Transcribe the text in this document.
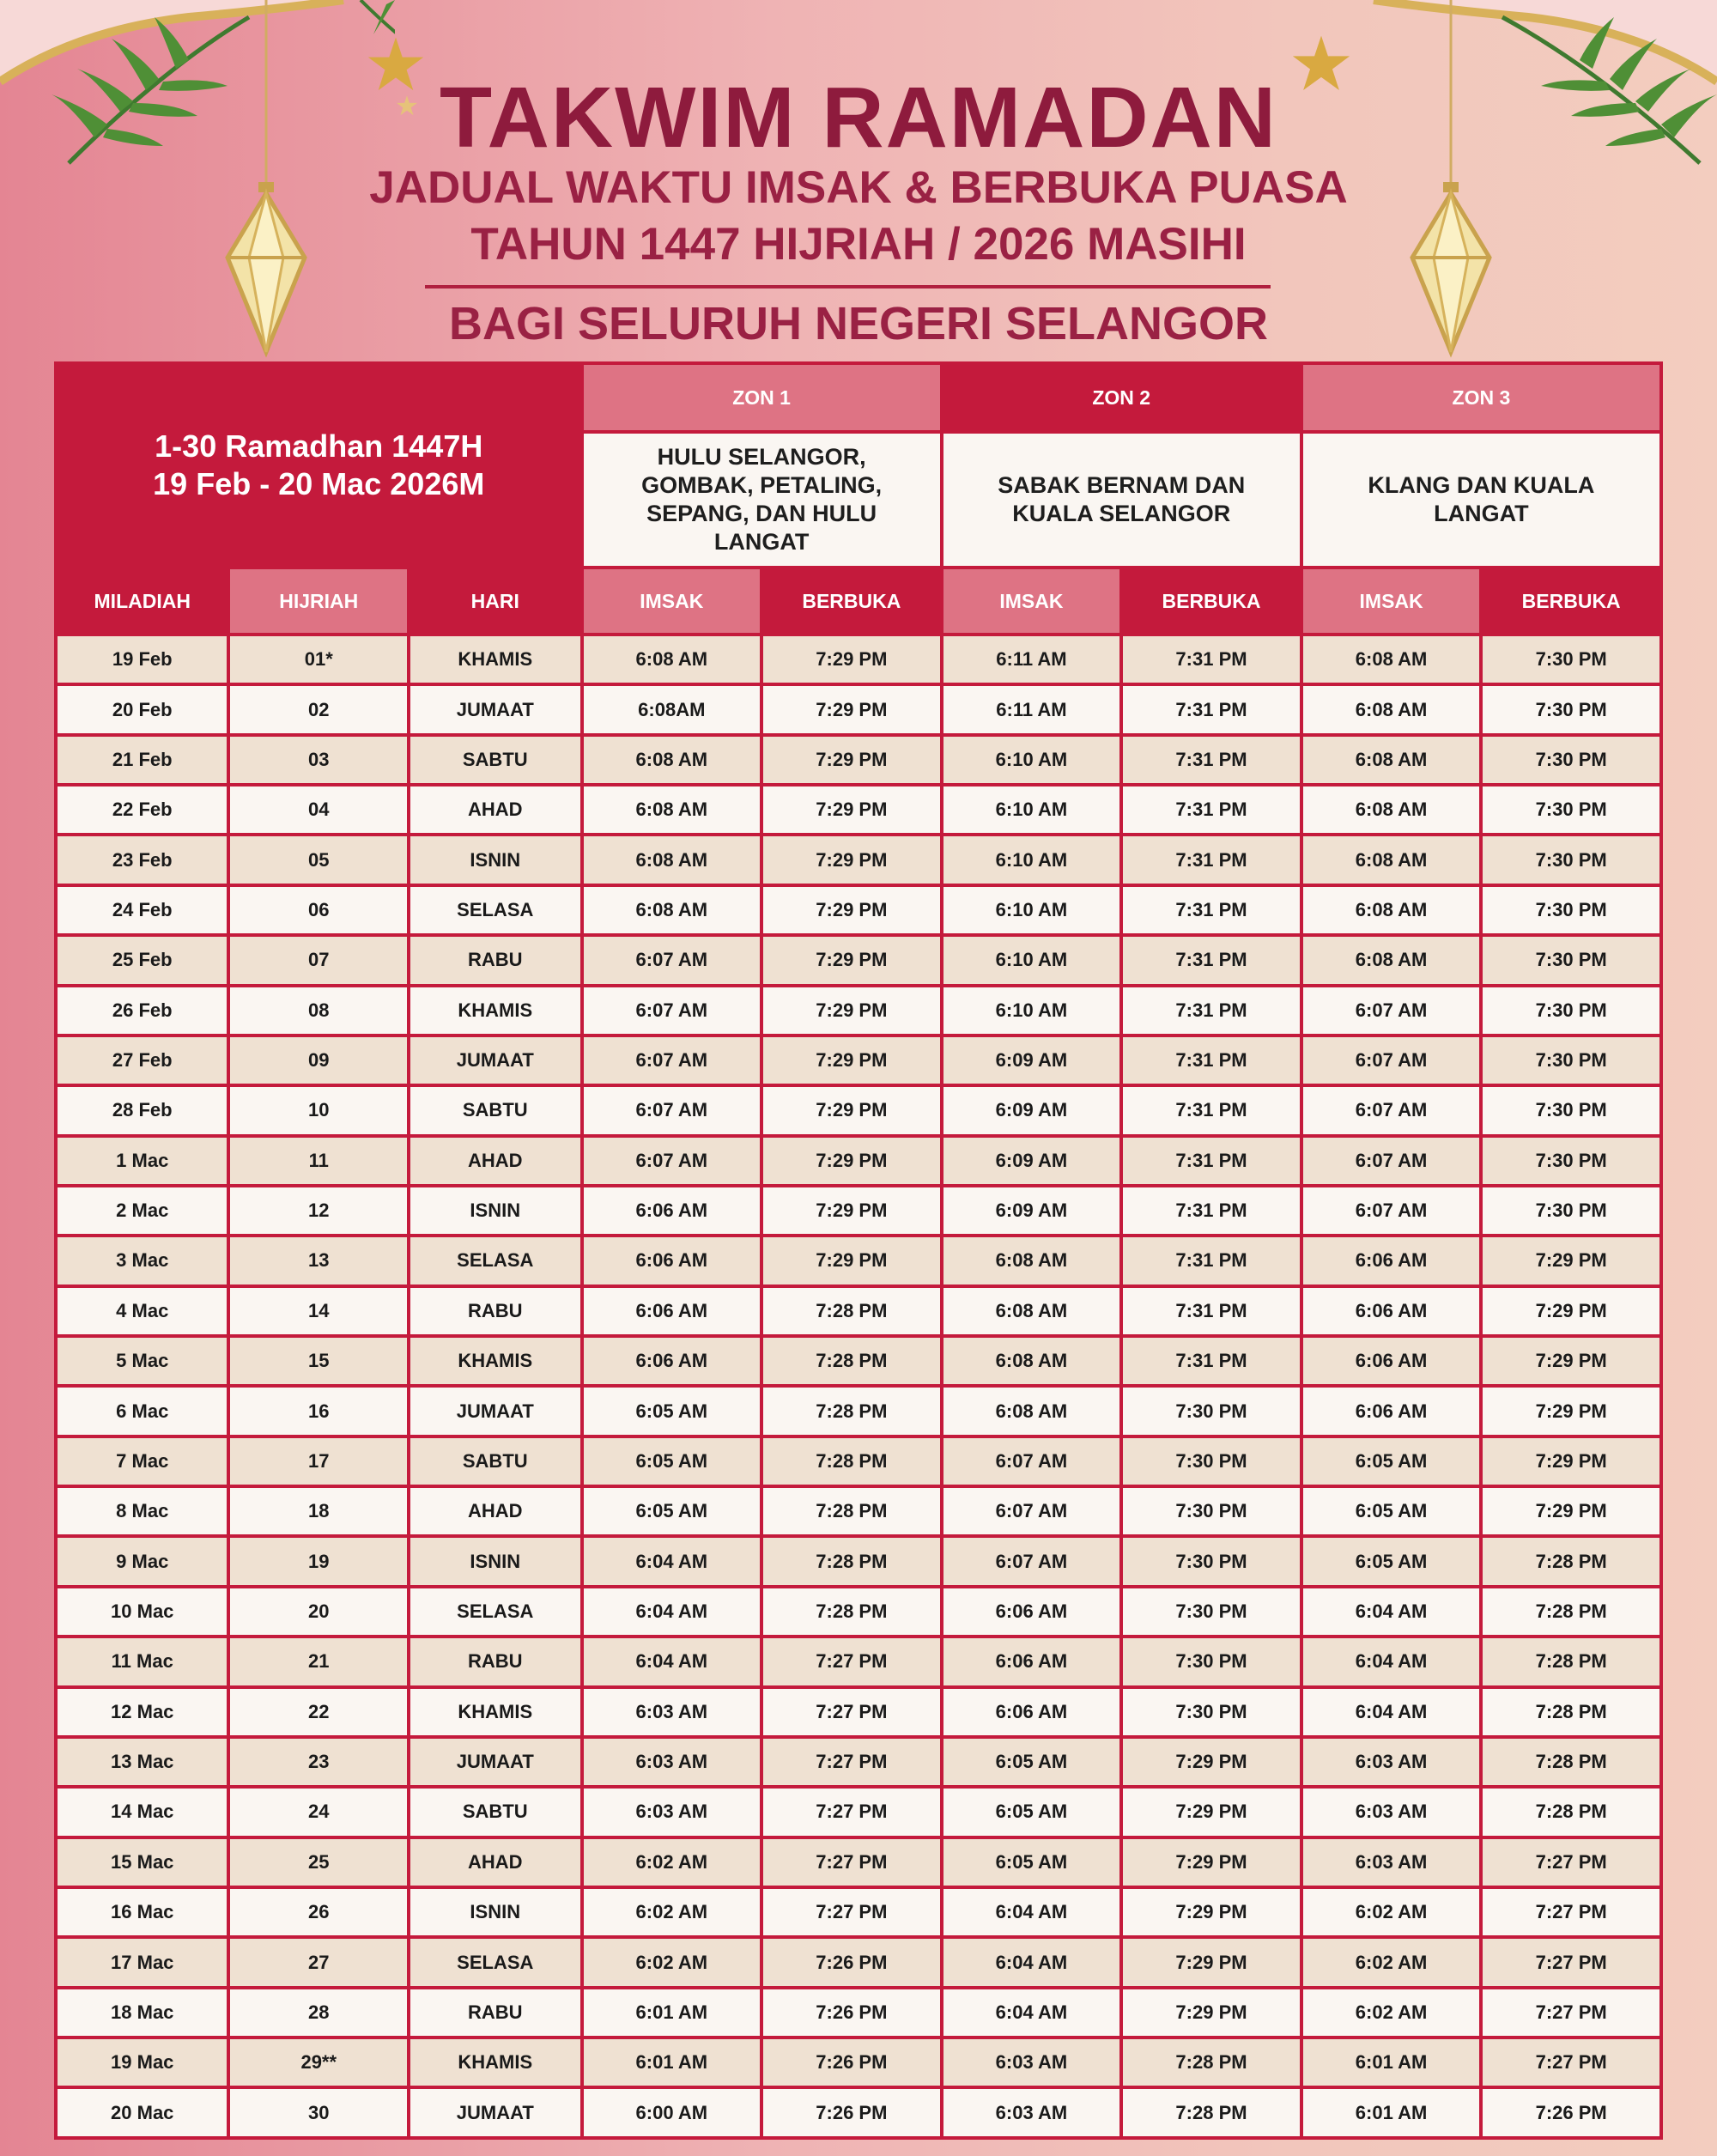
TAKWIM RAMADAN
JADUAL WAKTU IMSAK & BERBUKA PUASA
TAHUN 1447 HIJRIAH / 2026 MASIHI
BAGI SELURUH NEGERI SELANGOR
1-30 Ramadhan 1447H
19 Feb - 20 Mac 2026M			ZON 1		ZON 2		ZON 3	
			HULU SELANGOR, GOMBAK, PETALING, SEPANG, DAN HULU LANGAT		SABAK BERNAM DAN KUALA SELANGOR		KLANG DAN KUALA LANGAT	
MILADIAH	HIJRIAH	HARI	IMSAK	BERBUKA	IMSAK	BERBUKA	IMSAK	BERBUKA
19 Feb	01*	KHAMIS	6:08 AM	7:29 PM	6:11 AM	7:31 PM	6:08 AM	7:30 PM
20 Feb	02	JUMAAT	6:08AM	7:29 PM	6:11 AM	7:31 PM	6:08 AM	7:30 PM
21 Feb	03	SABTU	6:08 AM	7:29 PM	6:10 AM	7:31 PM	6:08 AM	7:30 PM
22 Feb	04	AHAD	6:08 AM	7:29 PM	6:10 AM	7:31 PM	6:08 AM	7:30 PM
23 Feb	05	ISNIN	6:08 AM	7:29 PM	6:10 AM	7:31 PM	6:08 AM	7:30 PM
24 Feb	06	SELASA	6:08 AM	7:29 PM	6:10 AM	7:31 PM	6:08 AM	7:30 PM
25 Feb	07	RABU	6:07 AM	7:29 PM	6:10 AM	7:31 PM	6:08 AM	7:30 PM
26 Feb	08	KHAMIS	6:07 AM	7:29 PM	6:10 AM	7:31 PM	6:07 AM	7:30 PM
27 Feb	09	JUMAAT	6:07 AM	7:29 PM	6:09 AM	7:31 PM	6:07 AM	7:30 PM
28 Feb	10	SABTU	6:07 AM	7:29 PM	6:09 AM	7:31 PM	6:07 AM	7:30 PM
1 Mac	11	AHAD	6:07 AM	7:29 PM	6:09 AM	7:31 PM	6:07 AM	7:30 PM
2 Mac	12	ISNIN	6:06 AM	7:29 PM	6:09 AM	7:31 PM	6:07 AM	7:30 PM
3 Mac	13	SELASA	6:06 AM	7:29 PM	6:08 AM	7:31 PM	6:06 AM	7:29 PM
4 Mac	14	RABU	6:06 AM	7:28 PM	6:08 AM	7:31 PM	6:06 AM	7:29 PM
5 Mac	15	KHAMIS	6:06 AM	7:28 PM	6:08 AM	7:31 PM	6:06 AM	7:29 PM
6 Mac	16	JUMAAT	6:05 AM	7:28 PM	6:08 AM	7:30 PM	6:06 AM	7:29 PM
7 Mac	17	SABTU	6:05 AM	7:28 PM	6:07 AM	7:30 PM	6:05 AM	7:29 PM
8 Mac	18	AHAD	6:05 AM	7:28 PM	6:07 AM	7:30 PM	6:05 AM	7:29 PM
9 Mac	19	ISNIN	6:04 AM	7:28 PM	6:07 AM	7:30 PM	6:05 AM	7:28 PM
10 Mac	20	SELASA	6:04 AM	7:28 PM	6:06 AM	7:30 PM	6:04 AM	7:28 PM
11 Mac	21	RABU	6:04 AM	7:27 PM	6:06 AM	7:30 PM	6:04 AM	7:28 PM
12 Mac	22	KHAMIS	6:03 AM	7:27 PM	6:06 AM	7:30 PM	6:04 AM	7:28 PM
13 Mac	23	JUMAAT	6:03 AM	7:27 PM	6:05 AM	7:29 PM	6:03 AM	7:28 PM
14 Mac	24	SABTU	6:03 AM	7:27 PM	6:05 AM	7:29 PM	6:03 AM	7:28 PM
15 Mac	25	AHAD	6:02 AM	7:27 PM	6:05 AM	7:29 PM	6:03 AM	7:27 PM
16 Mac	26	ISNIN	6:02 AM	7:27 PM	6:04 AM	7:29 PM	6:02 AM	7:27 PM
17 Mac	27	SELASA	6:02 AM	7:26 PM	6:04 AM	7:29 PM	6:02 AM	7:27 PM
18 Mac	28	RABU	6:01 AM	7:26 PM	6:04 AM	7:29 PM	6:02 AM	7:27 PM
19 Mac	29**	KHAMIS	6:01 AM	7:26 PM	6:03 AM	7:28 PM	6:01 AM	7:27 PM
20 Mac	30	JUMAAT	6:00 AM	7:26 PM	6:03 AM	7:28 PM	6:01 AM	7:26 PM
